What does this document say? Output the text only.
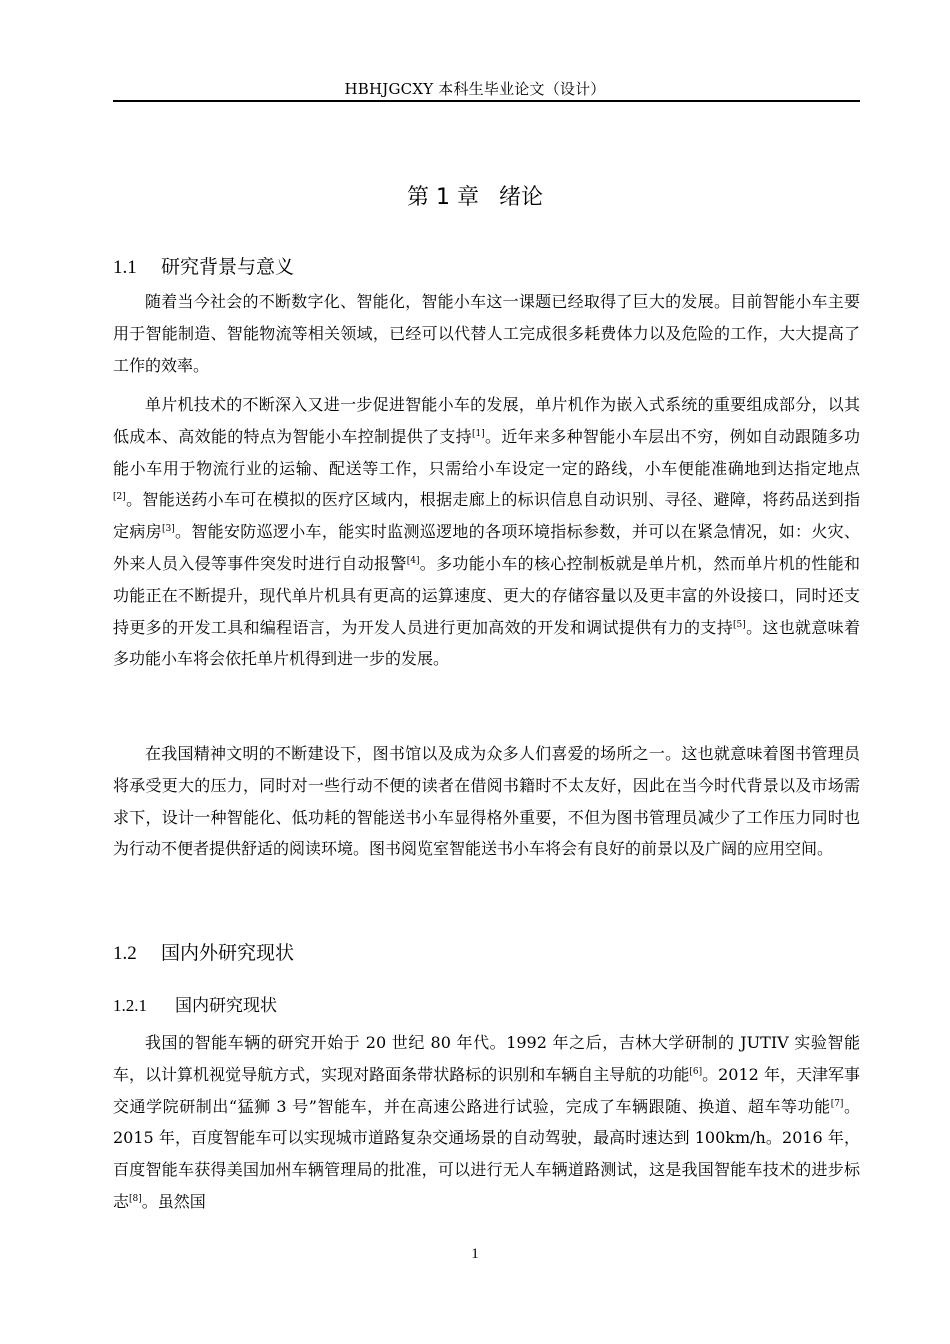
HBHJGCXY 本科生毕业论文（设计）
第 1 章 绪论
1.1 研究背景与意义

随着当今社会的不断数字化、智能化，智能小车这一课题已经取得了巨大的发展。目前智能小车主要用于智能制造、智能物流等相关领域，已经可以代替人工完成很多耗费体力以及危险的工作，大大提高了工作的效率。

单片机技术的不断深入又进一步促进智能小车的发展，单片机作为嵌入式系统的重要组成部分，以其低成本、高效能的特点为智能小车控制提供了支持[1]。近年来多种智能小车层出不穷，例如自动跟随多功能小车用于物流行业的运输、配送等工作，只需给小车设定一定的路线，小车便能准确地到达指定地点[2]。智能送药小车可在模拟的医疗区域内，根据走廊上的标识信息自动识别、寻径、避障，将药品送到指定病房[3]。智能安防巡逻小车，能实时监测巡逻地的各项环境指标参数，并可以在紧急情况，如：火灾、外来人员入侵等事件突发时进行自动报警[4]。多功能小车的核心控制板就是单片机，然而单片机的性能和功能正在不断提升，现代单片机具有更高的运算速度、更大的存储容量以及更丰富的外设接口，同时还支持更多的开发工具和编程语言，为开发人员进行更加高效的开发和调试提供有力的支持[5]。这也就意味着多功能小车将会依托单片机得到进一步的发展。

在我国精神文明的不断建设下，图书馆以及成为众多人们喜爱的场所之一。这也就意味着图书管理员将承受更大的压力，同时对一些行动不便的读者在借阅书籍时不太友好，因此在当今时代背景以及市场需求下，设计一种智能化、低功耗的智能送书小车显得格外重要，不但为图书管理员减少了工作压力同时也为行动不便者提供舒适的阅读环境。图书阅览室智能送书小车将会有良好的前景以及广阔的应用空间。

1.2 国内外研究现状
1.2.1 国内研究现状

我国的智能车辆的研究开始于 20 世纪 80 年代。1992 年之后，吉林大学研制的 JUTIV 实验智能车，以计算机视觉导航方式，实现对路面条带状路标的识别和车辆自主导航的功能[6]。2012 年，天津军事交通学院研制出“猛狮 3 号”智能车，并在高速公路进行试验，完成了车辆跟随、换道、超车等功能[7]。2015 年，百度智能车可以实现城市道路复杂交通场景的自动驾驶，最高时速达到 100km/h。2016 年，百度智能车获得美国加州车辆管理局的批准，可以进行无人车辆道路测试，这是我国智能车技术的进步标志[8]。虽然国

1
